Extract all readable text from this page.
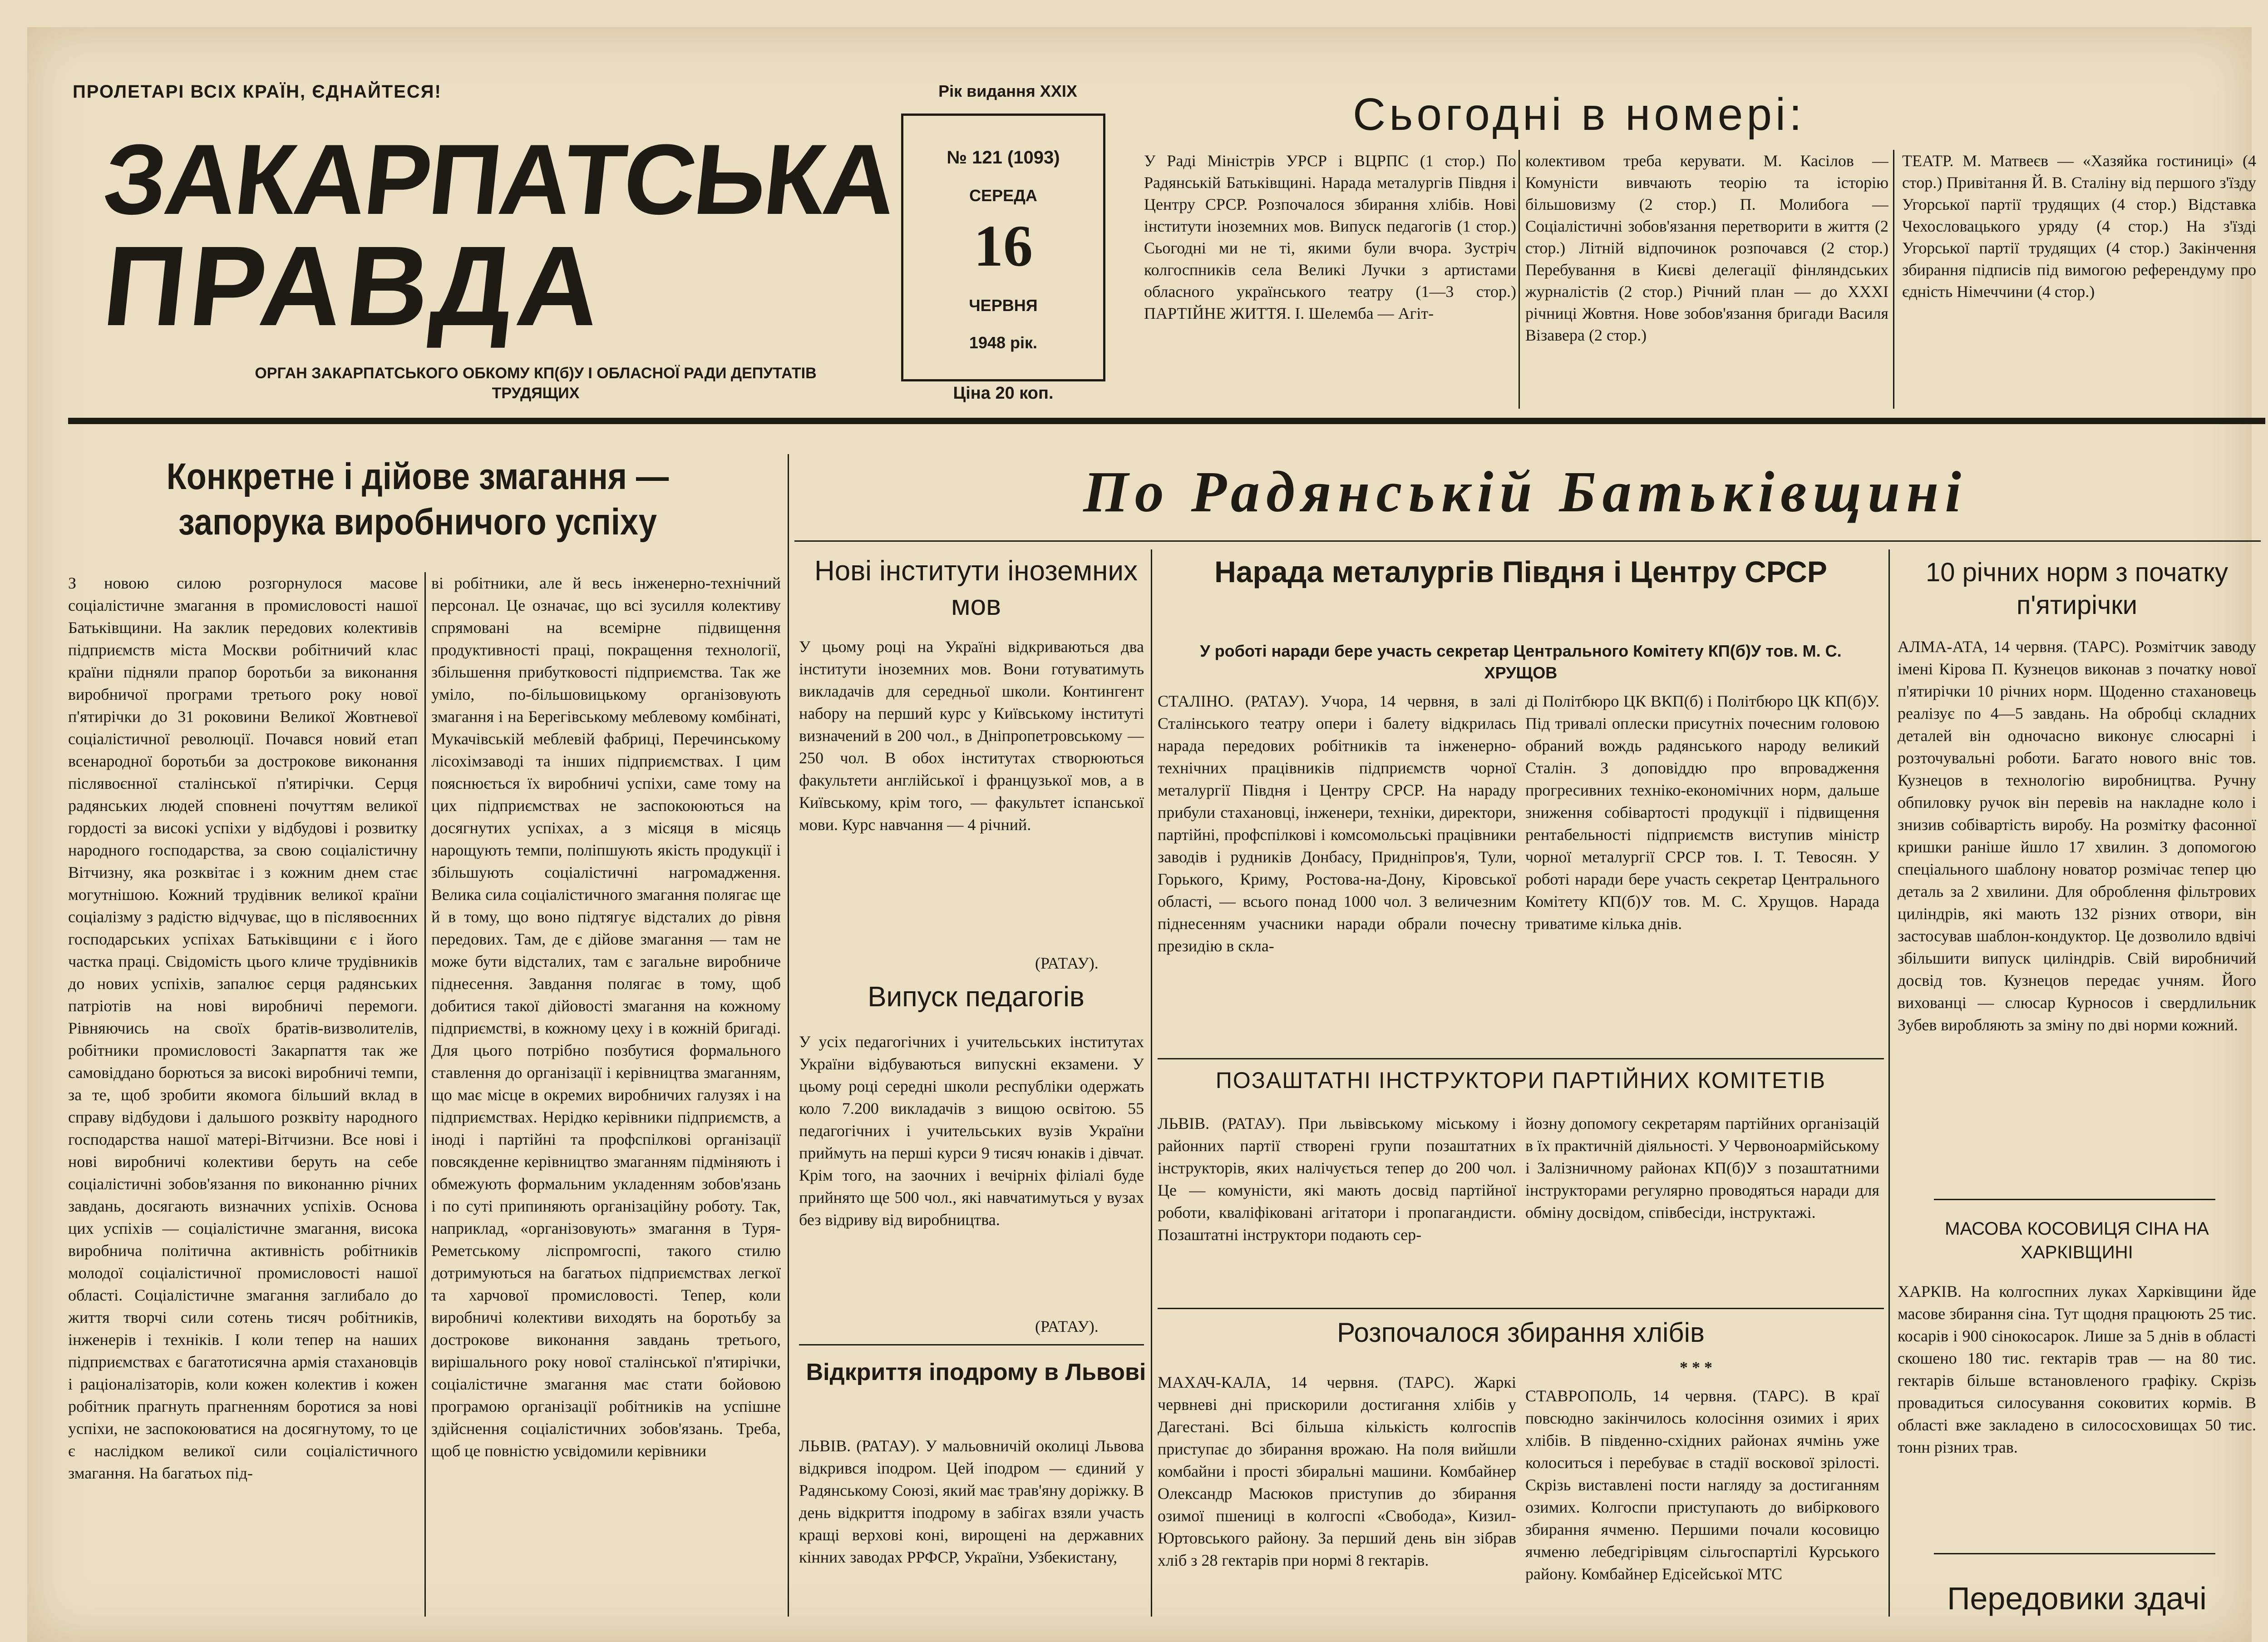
ПРОЛЕТАРІ ВСІХ КРАЇН, ЄДНАЙТЕСЯ!
ЗАКАРПАТСЬКА
ПРАВДА
ОРГАН ЗАКАРПАТСЬКОГО ОБКОМУ КП(б)У І ОБЛАСНОЇ РАДИ ДЕПУТАТІВ ТРУДЯЩИХ
Рік видання XXIX
№ 121 (1093)
СЕРЕДА
16
ЧЕРВНЯ
1948 рік.
Ціна 20 коп.
Сьогодні в номері:
У Раді Міністрів УРСР і ВЦРПС (1 стор.) По Радянській Батьківщині. Нарада металургів Півдня і Центру СРСР. Розпочалося збирання хлібів. Нові інститути іноземних мов. Випуск педагогів (1 стор.) Сьогодні ми не ті, якими були вчора. Зустріч колгоспників села Великі Лучки з артистами обласного українського театру (1—3 стор.) ПАРТІЙНЕ ЖИТТЯ. І. Шелемба — Агіт-
колективом треба керувати. М. Касілов — Комуністи вивчають теорію та історію більшовизму (2 стор.) П. Молибога — Соціалістичні зобов'язання перетворити в життя (2 стор.) Літній відпочинок розпочався (2 стор.) Перебування в Києві делегації фінляндських журналістів (2 стор.) Річний план — до XXXI річниці Жовтня. Нове зобов'язання бригади Василя Візавера (2 стор.)
ТЕАТР. М. Матвеєв — «Хазяйка гостиниці» (4 стор.) Привітання Й. В. Сталіну від першого з'їзду Угорської партії трудящих (4 стор.) Відставка Чехословацького уряду (4 стор.) На з'їзді Угорської партії трудящих (4 стор.) Закінчення збирання підписів під вимогою референдуму про єдність Німеччини (4 стор.)
Конкретне і дійове змагання — запорука виробничого успіху
З новою силою розгорнулося масове соціалістичне змагання в промисловості нашої Батьківщини. На заклик передових колективів підприємств міста Москви робітничий клас країни підняли прапор боротьби за виконання виробничої програми третього року нової п'ятирічки до 31 роковини Великої Жовтневої соціалістичної революції. Почався новий етап всенародної боротьби за дострокове виконання післявоєнної сталінської п'ятирічки. Серця радянських людей сповнені почуттям великої гордості за високі успіхи у відбудові і розвитку народного господарства, за свою соціалістичну Вітчизну, яка розквітає і з кожним днем стає могутнішою. Кожний трудівник великої країни соціалізму з радістю відчуває, що в післявоєнних господарських успіхах Батьківщини є і його частка праці. Свідомість цього кличе трудівників до нових успіхів, запалює серця радянських патріотів на нові виробничі перемоги. Рівняючись на своїх братів-визволителів, робітники промисловості Закарпаття так же самовіддано борються за високі виробничі темпи, за те, щоб зробити якомога більший вклад в справу відбудови і дальшого розквіту народного господарства нашої матері-Вітчизни. Все нові і нові виробничі колективи беруть на себе соціалістичні зобов'язання по виконанню річних завдань, досягають визначних успіхів. Основа цих успіхів — соціалістичне змагання, висока виробнича політична активність робітників молодої соціалістичної промисловості нашої області. Соціалістичне змагання заглибало до життя творчі сили сотень тисяч робітників, інженерів і техніків. І коли тепер на наших підприємствах є багатотисячна армія стахановців і раціоналізаторів, коли кожен колектив і кожен робітник прагнуть прагненням боротися за нові успіхи, не заспокоюватися на досягнутому, то це є наслідком великої сили соціалістичного змагання. На багатьох під-
ві робітники, але й весь інженерно-технічний персонал. Це означає, що всі зусилля колективу спрямовані на всемірне підвищення продуктивності праці, покращення технології, збільшення прибутковості підприємства. Так же уміло, по-більшовицькому організовують змагання і на Берегівському меблевому комбінаті, Мукачівській меблевій фабриці, Перечинському лісохімзаводі та інших підприємствах. І цим пояснюється їх виробничі успіхи, саме тому на цих підприємствах не заспокоюються на досягнутих успіхах, а з місяця в місяць нарощують темпи, поліпшують якість продукції і збільшують соціалістичні нагромадження. Велика сила соціалістичного змагання полягає ще й в тому, що воно підтягує відсталих до рівня передових. Там, де є дійове змагання — там не може бути відсталих, там є загальне виробниче піднесення. Завдання полягає в тому, щоб добитися такої дійовості змагання на кожному підприємстві, в кожному цеху і в кожній бригаді. Для цього потрібно позбутися формального ставлення до організації і керівництва змаганням, що має місце в окремих виробничих галузях і на підприємствах. Нерідко керівники підприємств, а іноді і партійні та профспілкові організації повсякденне керівництво змаганням підміняють і обмежують формальним укладенням зобов'язань і по суті припиняють організаційну роботу. Так, наприклад, «організовують» змагання в Туря-Реметському ліспромгоспі, такого стилю дотримуються на багатьох підприємствах легкої та харчової промисловості. Тепер, коли виробничі колективи виходять на боротьбу за дострокове виконання завдань третього, вирішального року нової сталінської п'ятирічки, соціалістичне змагання має стати бойовою програмою організації робітників на успішне здійснення соціалістичних зобов'язань. Треба, щоб це повністю усвідомили керівники
По Радянській Батьківщині
Нові інститути іноземних мов
У цьому році на Україні відкриваються два інститути іноземних мов. Вони готуватимуть викладачів для середньої школи. Контингент набору на перший курс у Київському інституті визначений в 200 чол., в Дніпропетровському — 250 чол. В обох інститутах створюються факультети англійської і французької мов, а в Київському, крім того, — факультет іспанської мови. Курс навчання — 4 річний.
(РАТАУ).
Випуск педагогів
У усіх педагогічних і учительських інститутах України відбуваються випускні екзамени. У цьому році середні школи республіки одержать коло 7.200 викладачів з вищою освітою. 55 педагогічних і учительських вузів України приймуть на перші курси 9 тисяч юнаків і дівчат. Крім того, на заочних і вечірніх філіалі буде прийнято ще 500 чол., які навчатимуться у вузах без відриву від виробництва.
(РАТАУ).
Відкриття іподрому в Львові
ЛЬВІВ. (РАТАУ). У мальовничій околиці Львова відкрився іподром. Цей іподром — єдиний у Радянському Союзі, який має трав'яну доріжку. В день відкриття іподрому в забігах взяли участь кращі верхові коні, вирощені на державних кінних заводах РРФСР, України, Узбекистану,
Нарада металургів Півдня і Центру СРСР
У роботі наради бере участь секретар Центрального Комітету КП(б)У тов. М. С. ХРУЩОВ
СТАЛІНО. (РАТАУ). Учора, 14 червня, в залі Сталінського театру опери і балету відкрилась нарада передових робітників та інженерно-технічних працівників підприємств чорної металургії Півдня і Центру СРСР. На нараду прибули стахановці, інженери, техніки, директори, партійні, профспілкові і комсомольські працівники заводів і рудників Донбасу, Придніпров'я, Тули, Горького, Криму, Ростова-на-Дону, Кіровської області, — всього понад 1000 чол. З величезним піднесенням учасники наради обрали почесну президію в скла-
ді Політбюро ЦК ВКП(б) і Політбюро ЦК КП(б)У. Під тривалі оплески присутніх почесним головою обраний вождь радянського народу великий Сталін. З доповіддю про впровадження прогресивних техніко-економічних норм, дальше зниження собівартості продукції і підвищення рентабельності підприємств виступив міністр чорної металургії СРСР тов. І. Т. Тевосян. У роботі наради бере участь секретар Центрального Комітету КП(б)У тов. М. С. Хрущов. Нарада триватиме кілька днів.
ПОЗАШТАТНІ ІНСТРУКТОРИ ПАРТІЙНИХ КОМІТЕТІВ
ЛЬВІВ. (РАТАУ). При львівському міському і районних партії створені групи позаштатних інструкторів, яких налічується тепер до 200 чол. Це — комуністи, які мають досвід партійної роботи, кваліфіковані агітатори і пропагандисти. Позаштатні інструктори подають сер-
йозну допомогу секретарям партійних організацій в їх практичній діяльності. У Червоноармійському і Залізничному районах КП(б)У з позаштатними інструкторами регулярно проводяться наради для обміну досвідом, співбесіди, інструктажі.
Розпочалося збирання хлібів
* * *
МАХАЧ-КАЛА, 14 червня. (ТАРС). Жаркі червневі дні прискорили достигання хлібів у Дагестані. Всі більша кількість колгоспів приступає до збирання врожаю. На поля вийшли комбайни і прості збиральні машини. Комбайнер Олександр Масюков приступив до збирання озимої пшениці в колгоспі «Свобода», Кизил-Юртовського району. За перший день він зібрав хліб з 28 гектарів при нормі 8 гектарів.
СТАВРОПОЛЬ, 14 червня. (ТАРС). В краї повсюдно закінчилось колосіння озимих і ярих хлібів. В південно-східних районах ячмінь уже колоситься і перебуває в стадії воскової зрілості. Скрізь виставлені пости нагляду за достиганням озимих. Колгоспи приступають до вибіркового збирання ячменю. Першими почали косовицю ячменю лебедгірівцям сільгоспартілі Курського району. Комбайнер Едісейської МТС
10 річних норм з початку п'ятирічки
АЛМА-АТА, 14 червня. (ТАРС). Розмітчик заводу імені Кірова П. Кузнецов виконав з початку нової п'ятирічки 10 річних норм. Щоденно стахановець реалізує по 4—5 завдань. На обробці складних деталей він одночасно виконує слюсарні і розточувальні роботи. Багато нового вніс тов. Кузнецов в технологію виробництва. Ручну обпиловку ручок він перевів на накладне коло і знизив собівартість виробу. На розмітку фасонної кришки раніше йшло 17 хвилин. З допомогою спеціального шаблону новатор розмічає тепер цю деталь за 2 хвилини. Для оброблення фільтрових циліндрів, які мають 132 різних отвори, він застосував шаблон-кондуктор. Це дозволило вдвічі збільшити випуск циліндрів. Свій виробничий досвід тов. Кузнецов передає учням. Його вихованці — слюсар Курносов і свердлильник Зубев виробляють за зміну по дві норми кожний.
МАСОВА КОСОВИЦЯ СІНА НА ХАРКІВЩИНІ
ХАРКІВ. На колгоспних луках Харківщини йде масове збирання сіна. Тут щодня працюють 25 тис. косарів і 900 сінокосарок. Лише за 5 днів в області скошено 180 тис. гектарів трав — на 80 тис. гектарів більше встановленого графіку. Скрізь провадиться силосування соковитих кормів. В області вже закладено в силососховищах 50 тис. тонн різних трав.
Передовики здачі
